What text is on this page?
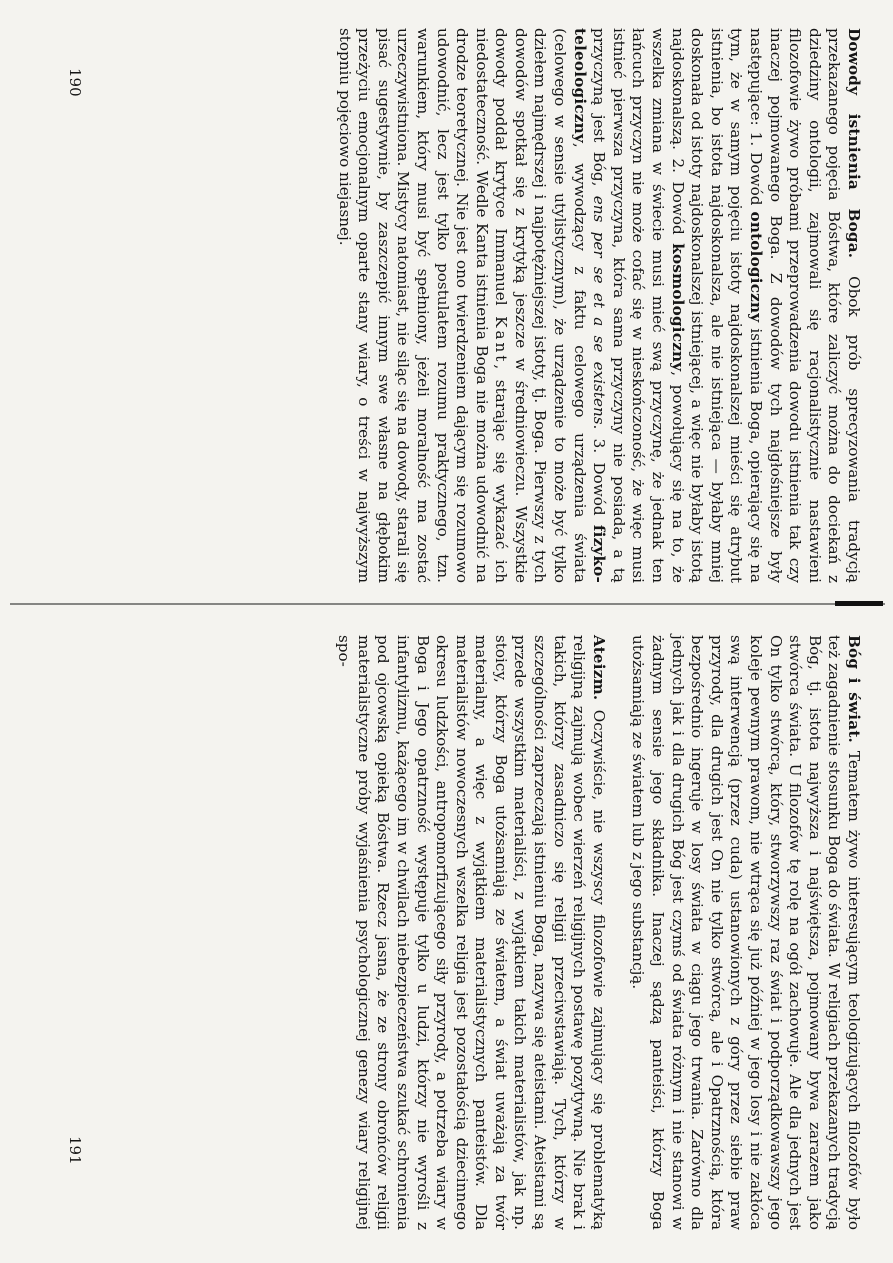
Dowody istnienia Boga. Obok prób sprecyzowania tradycją przekazanego pojęcia Bóstwa, które zaliczyć można do dociekań z dziedziny ontologii, zajmowali się racjonalistycznie nastawieni filozofowie żywo próbami przeprowadzenia dowodu istnienia tak czy inaczej pojmowanego Boga. Z dowodów tych najgłośniejsze były następujące: 1. Dowód ontologiczny istnienia Boga, opierający się na tym, że w samym pojęciu istoty najdoskonalszej mieści się atrybut istnienia, bo istota najdoskonalsza, ale nie istniejąca — byłaby mniej doskonała od istoty najdoskonalszej istniejącej, a więc nie byłaby istotą najdoskonalszą. 2. Dowód kosmologiczny, powołujący się na to, że wszelka zmiana w świecie musi mieć swą przyczynę, że jednak ten łańcuch przyczyn nie może cofać się w nieskończoność, że więc musi istnieć pierwsza przyczyna, która sama przyczyny nie posiada, a tą przyczyną jest Bóg, ens per se et a se existens. 3. Dowód fizyko-teleologiczny, wywodzący z faktu celowego urządzenia świata (celowego w sensie utylistycznym), że urządzenie to może być tylko dziełem najmędrszej i najpotężniejszej istoty, tj. Boga. Pierwszy z tych dowodów spotkał się z krytyką jeszcze w średniowieczu. Wszystkie dowody poddał krytyce Immanuel Kant, starając się wykazać ich niedostateczność. Wedle Kanta istnienia Boga nie można udowodnić na drodze teoretycznej. Nie jest ono twierdzeniem dającym się rozumowo udowodnić, lecz jest tylko postulatem rozumu praktycznego, tzn. warunkiem, który musi być spełniony, jeżeli moralność ma zostać urzeczywistniona. Mistycy natomiast, nie siląc się na dowody, starali się pisać sugestywnie, by zaszczepić innym swe własne na głębokim przeżyciu emocjonalnym oparte stany wiary, o treści w najwyższym stopniu pojęciowo niejasnej.

Bóg i świat. Tematem żywo interesującym teologizujących filozofów było też zagadnienie stosunku Boga do świata. W religiach przekazanych tradycją Bóg, tj. istota najwyższa i najświętsza, pojmowany bywa zarazem jako stwórca świata. U filozofów tę rolę na ogół zachowuje. Ale dla jednych jest On tylko stwórcą, który, stworzywszy raz świat i podporządkowawszy jego koleje pewnym prawom, nie wtrąca się już później w jego losy i nie zakłóca swą interwencją (przez cuda) ustanowionych z góry przez siebie praw przyrody, dla drugich jest On nie tylko stwórcą, ale i Opatrznością, która bezpośrednio ingeruje w losy świata w ciągu jego trwania. Zarówno dla jednych jak i dla drugich Bóg jest czymś od świata różnym i nie stanowi w żadnym sensie jego składnika. Inaczej sądzą panteiści, którzy Boga utożsamiają ze światem lub z jego substancją.

Ateizm. Oczywiście, nie wszyscy filozofowie zajmujący się problematyką religijną zajmują wobec wierzeń religijnych postawę pozytywną. Nie brak i takich, którzy zasadniczo się religii przeciwstawiają. Tych, którzy w szczególności zaprzeczają istnieniu Boga, nazywa się ateistami. Ateistami są przede wszystkim materialiści, z wyjątkiem takich materialistów, jak np. stoicy, którzy Boga utożsamiają ze światem, a świat uważają za twór materialny, a więc z wyjątkiem materialistycznych panteistów. Dla materialistów nowoczesnych wszelka religia jest pozostałością dziecinnego okresu ludzkości, antropomorfizującego siły przyrody, a potrzeba wiary w Boga i Jego opatrzność występuje tylko u ludzi, którzy nie wyrośli z infantylizmu, każącego im w chwilach niebezpieczeństwa szukać schronienia pod ojcowską opieką Bóstwa. Rzecz jasna, że ze strony obrońców religii materialistyczne próby wyjaśnienia psychologicznej genezy wiary religijnej spo-

190
191
